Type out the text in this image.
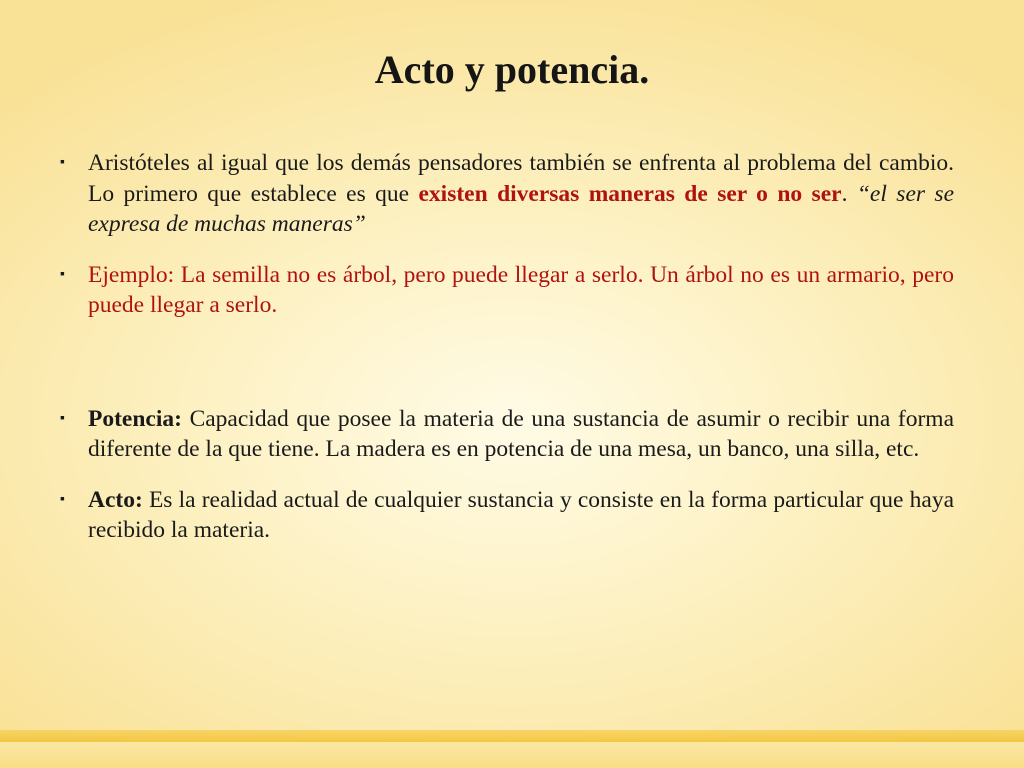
Acto y potencia.

▪ Aristóteles al igual que los demás pensadores también se enfrenta al problema del cambio. Lo primero que establece es que existen diversas maneras de ser o no ser. “el ser se expresa de muchas maneras”

▪ Ejemplo: La semilla no es árbol, pero puede llegar a serlo. Un árbol no es un armario, pero puede llegar a serlo.

▪ Potencia: Capacidad que posee la materia de una sustancia de asumir o recibir una forma diferente de la que tiene. La madera es en potencia de una mesa, un banco, una silla, etc.

▪ Acto: Es la realidad actual de cualquier sustancia y consiste en la forma particular que haya recibido la materia.
